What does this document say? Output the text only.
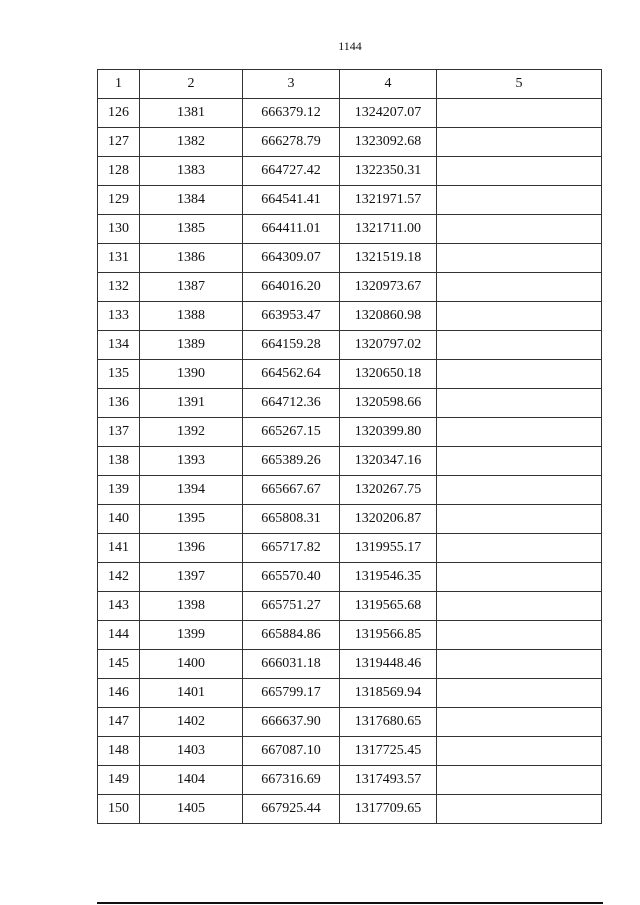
1144
1	2	3	4	5
126	1381	666379.12	1324207.07	
127	1382	666278.79	1323092.68	
128	1383	664727.42	1322350.31	
129	1384	664541.41	1321971.57	
130	1385	664411.01	1321711.00	
131	1386	664309.07	1321519.18	
132	1387	664016.20	1320973.67	
133	1388	663953.47	1320860.98	
134	1389	664159.28	1320797.02	
135	1390	664562.64	1320650.18	
136	1391	664712.36	1320598.66	
137	1392	665267.15	1320399.80	
138	1393	665389.26	1320347.16	
139	1394	665667.67	1320267.75	
140	1395	665808.31	1320206.87	
141	1396	665717.82	1319955.17	
142	1397	665570.40	1319546.35	
143	1398	665751.27	1319565.68	
144	1399	665884.86	1319566.85	
145	1400	666031.18	1319448.46	
146	1401	665799.17	1318569.94	
147	1402	666637.90	1317680.65	
148	1403	667087.10	1317725.45	
149	1404	667316.69	1317493.57	
150	1405	667925.44	1317709.65	
